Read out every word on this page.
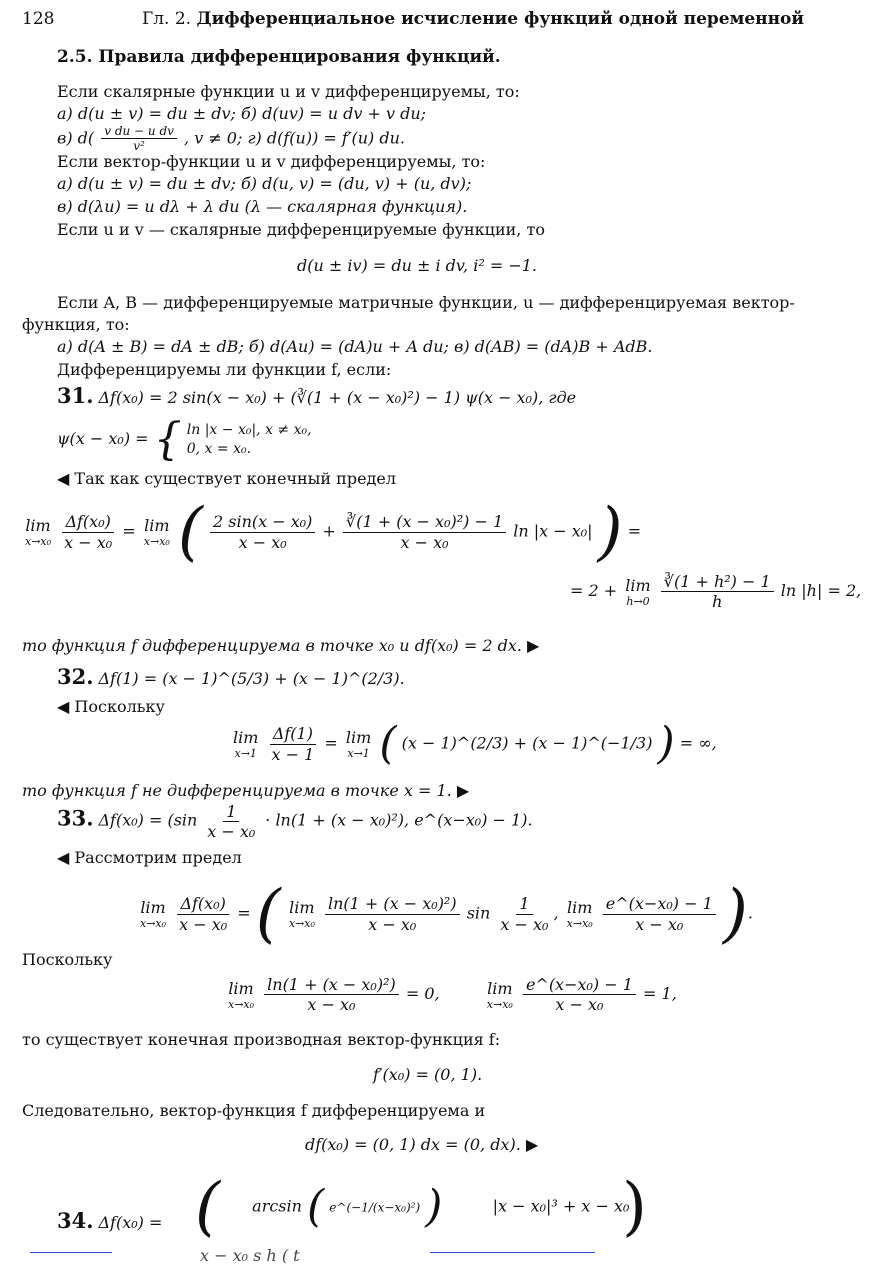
128	Гл. 2. Дифференциальное исчисление функций одной переменной
2.5. Правила дифференцирования функций.
Если скалярные функции u и v дифференцируемы, то:
а) d(u ± v) = du ± dv; б) d(uv) = u dv + v du;
в) $d( \frac{\text{v du − u dv}}{\text{v²}}$ , v ≠ 0; г) d(f(u)) = f′(u) du.
Если вектор-функции u и v дифференцируемы, то:
а) d(u ± v) = du ± dv; б) d(u, v) = (du, v) + (u, dv);
в) d(λu) = u dλ + λ du (λ — скалярная функция).
Если u и v — скалярные дифференцируемые функции, то
d(u ± iv) = du ± i dv, i² = −1.
Если A, B — дифференцируемые матричные функции, u — дифференцируемая вектор-
функция, то:
а) d(A ± B) = dA ± dB; б) d(Au) = (dA)u + A du; в) d(AB) = (dA)B + AdB.
Дифференцируемы ли функции f, если:
31. Δf(x₀) = 2 sin(x − x₀) + (∛(1 + (x − x₀)²) − 1) ψ(x − x₀), где
ψ(x − x₀) = { ln |x − x₀|, x ≠ x₀,
0, x = x₀.
◀ Так как существует конечный предел
lim
x→x₀
$\frac{\text{Δf(x₀)}}{\text{x − x₀}} = \lim$
x→x₀ ( $\frac{\text{2 sin(x − x₀)}}{\text{x − x₀}} + \frac{\text{∛(1 + (x − x₀)²) − 1}}{\text{x − x₀}}$ ln |x − x₀| ) =
= 2 + lim
h→0
$\frac{\text{∛(1 + h²) − 1}}{h}$ ln |h| = 2,
то функция f дифференцируема в точке x₀ и df(x₀) = 2 dx. ▶
32. Δf(1) = (x − 1)^(5/3) + (x − 1)^(2/3).
◀ Поскольку
lim
x→1
$\frac{\Delta f(1)}{x - 1} = \lim$
x→1 ( (x − 1)^(2/3) + (x − 1)^(−1/3) ) = ∞,
то функция f не дифференцируема в точке x = 1. ▶
33. $\Delta f(x_0) = (\sin \frac{1}{\text{x − x₀}} \cdot \ln(1 + (x - x_0)^2)$, e^(x−x₀) − 1).
◀ Рассмотрим предел
lim
x→x₀
$\frac{\text{Δf(x₀)}}{\text{x − x₀}}$ = ( lim
x→x₀
$\frac{\text{ln(1 + (x − x₀)²)}}{\text{x − x₀}}$ $\sin \frac{1}{\text{x − x₀}}$ , lim
x→x₀
$\frac{\text{e\textasciicircum{}(x−x₀) − 1}}{\text{x − x₀}}$ ).
Поскольку
lim
x→x₀
$\frac{\text{ln(1 + (x − x₀)²)}}{\text{x − x₀}} = 0$,	lim
x→x₀
$\frac{\text{e\textasciicircum{}(x−x₀) − 1}}{\text{x − x₀}} = 1$,
то существует конечная производная вектор-функция f:
f′(x₀) = (0, 1).
Следовательно, вектор-функция f дифференцируема и
df(x₀) = (0, 1) dx = (0, dx). ▶
34. Δf(x₀) = ( arcsin ( e^(−1/(x−x₀)²) )	|x − x₀|³ + x − x₀
)
x − x₀ s h ( t
